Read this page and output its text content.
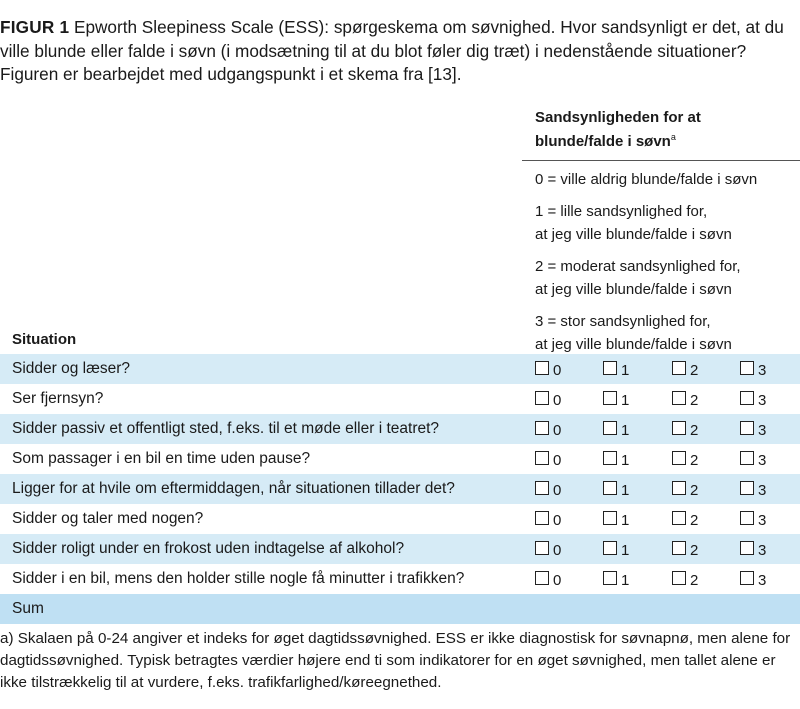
FIGUR 1 Epworth Sleepiness Scale (ESS): spørgeskema om søvnighed. Hvor sandsynligt er det, at du ville blunde eller falde i søvn (i modsætning til at du blot føler dig træt) i nedenstående situationer? Figuren er bearbejdet med udgangspunkt i et skema fra [13].
Sandsynligheden for at
blunde/falde i søvn$^a$
0 = ville aldrig blunde/falde i søvn
1 = lille sandsynlighed for,
at jeg ville blunde/falde i søvn
2 = moderat sandsynlighed for,
at jeg ville blunde/falde i søvn
3 = stor sandsynlighed for,
at jeg ville blunde/falde i søvn
Situation
Sidder og læser?	0	1	2	3
Ser fjernsyn?	0	1	2	3
Sidder passiv et offentligt sted, f.eks. til et møde eller i teatret?	0	1	2	3
Som passager i en bil en time uden pause?	0	1	2	3
Ligger for at hvile om eftermiddagen, når situationen tillader det?	0	1	2	3
Sidder og taler med nogen?	0	1	2	3
Sidder roligt under en frokost uden indtagelse af alkohol?	0	1	2	3
Sidder i en bil, mens den holder stille nogle få minutter i trafikken?	0	1	2	3
Sum
a) Skalaen på 0-24 angiver et indeks for øget dagtidssøvnighed. ESS er ikke diagnostisk for søvnapnø, men alene for dagtidssøvnighed. Typisk betragtes værdier højere end ti som indikatorer for en øget søvnighed, men tallet alene er ikke tilstrækkelig til at vurdere, f.eks. trafikfarlighed/køreegnethed.
